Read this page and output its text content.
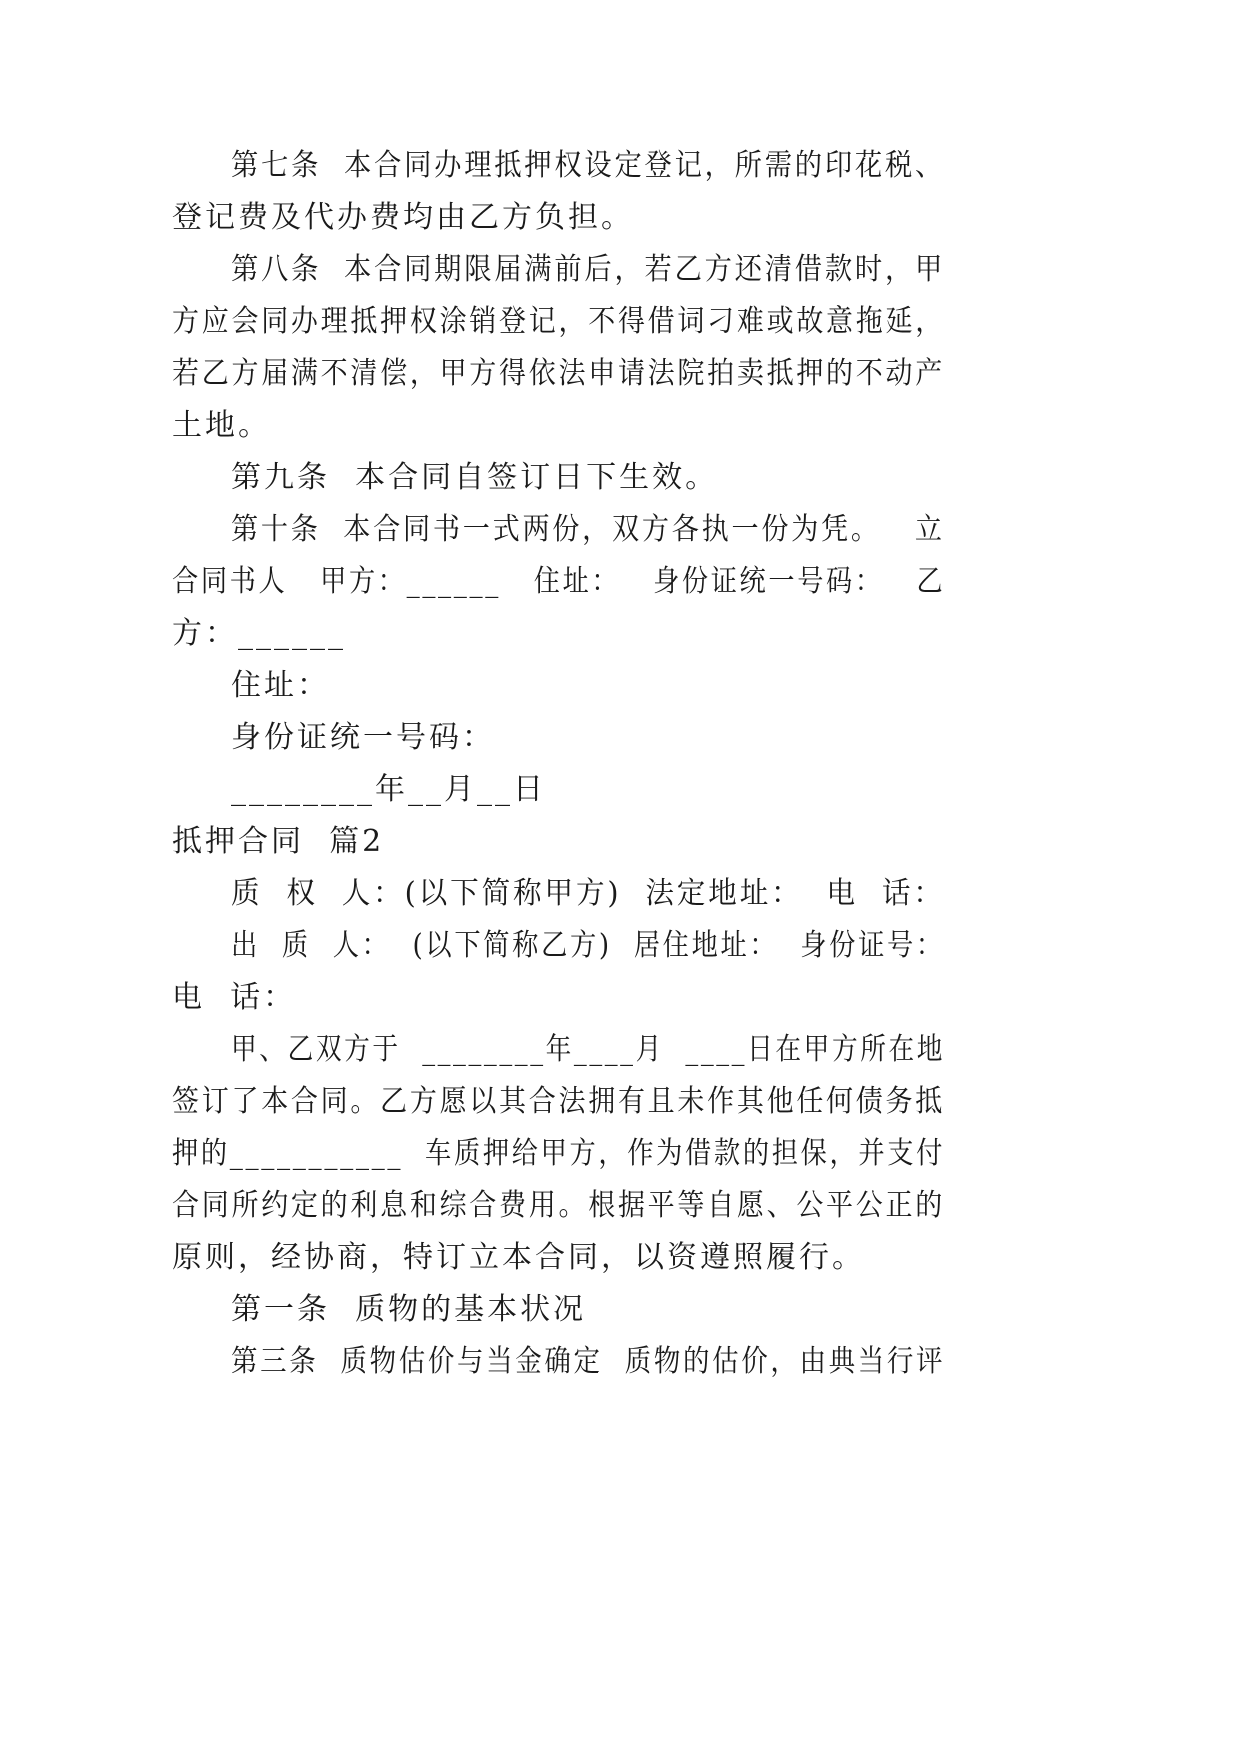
第七条  本合同办理抵押权设定登记，所需的印花税、
登记费及代办费均由乙方负担。
第八条  本合同期限届满前后，若乙方还清借款时，甲
方应会同办理抵押权涂销登记，不得借词刁难或故意拖延，
若乙方届满不清偿，甲方得依法申请法院拍卖抵押的不动产
土地。
第九条  本合同自签订日下生效。
第十条  本合同书一式两份，双方各执一份为凭。   立
合同书人   甲方：______   住址：   身份证统一号码：   乙
方：______
住址：
身份证统一号码：
________年__月__日
抵押合同  篇2
质  权  人：(以下简称甲方)  法定地址：  电  话：
出  质  人：  (以下简称乙方)  居住地址：  身份证号：
电  话：
甲、乙双方于  ________年____月  ____日在甲方所在地
签订了本合同。乙方愿以其合法拥有且未作其他任何债务抵
押的___________  车质押给甲方，作为借款的担保，并支付
合同所约定的利息和综合费用。根据平等自愿、公平公正的
原则，经协商，特订立本合同，以资遵照履行。
第一条  质物的基本状况
第三条  质物估价与当金确定  质物的估价，由典当行评
